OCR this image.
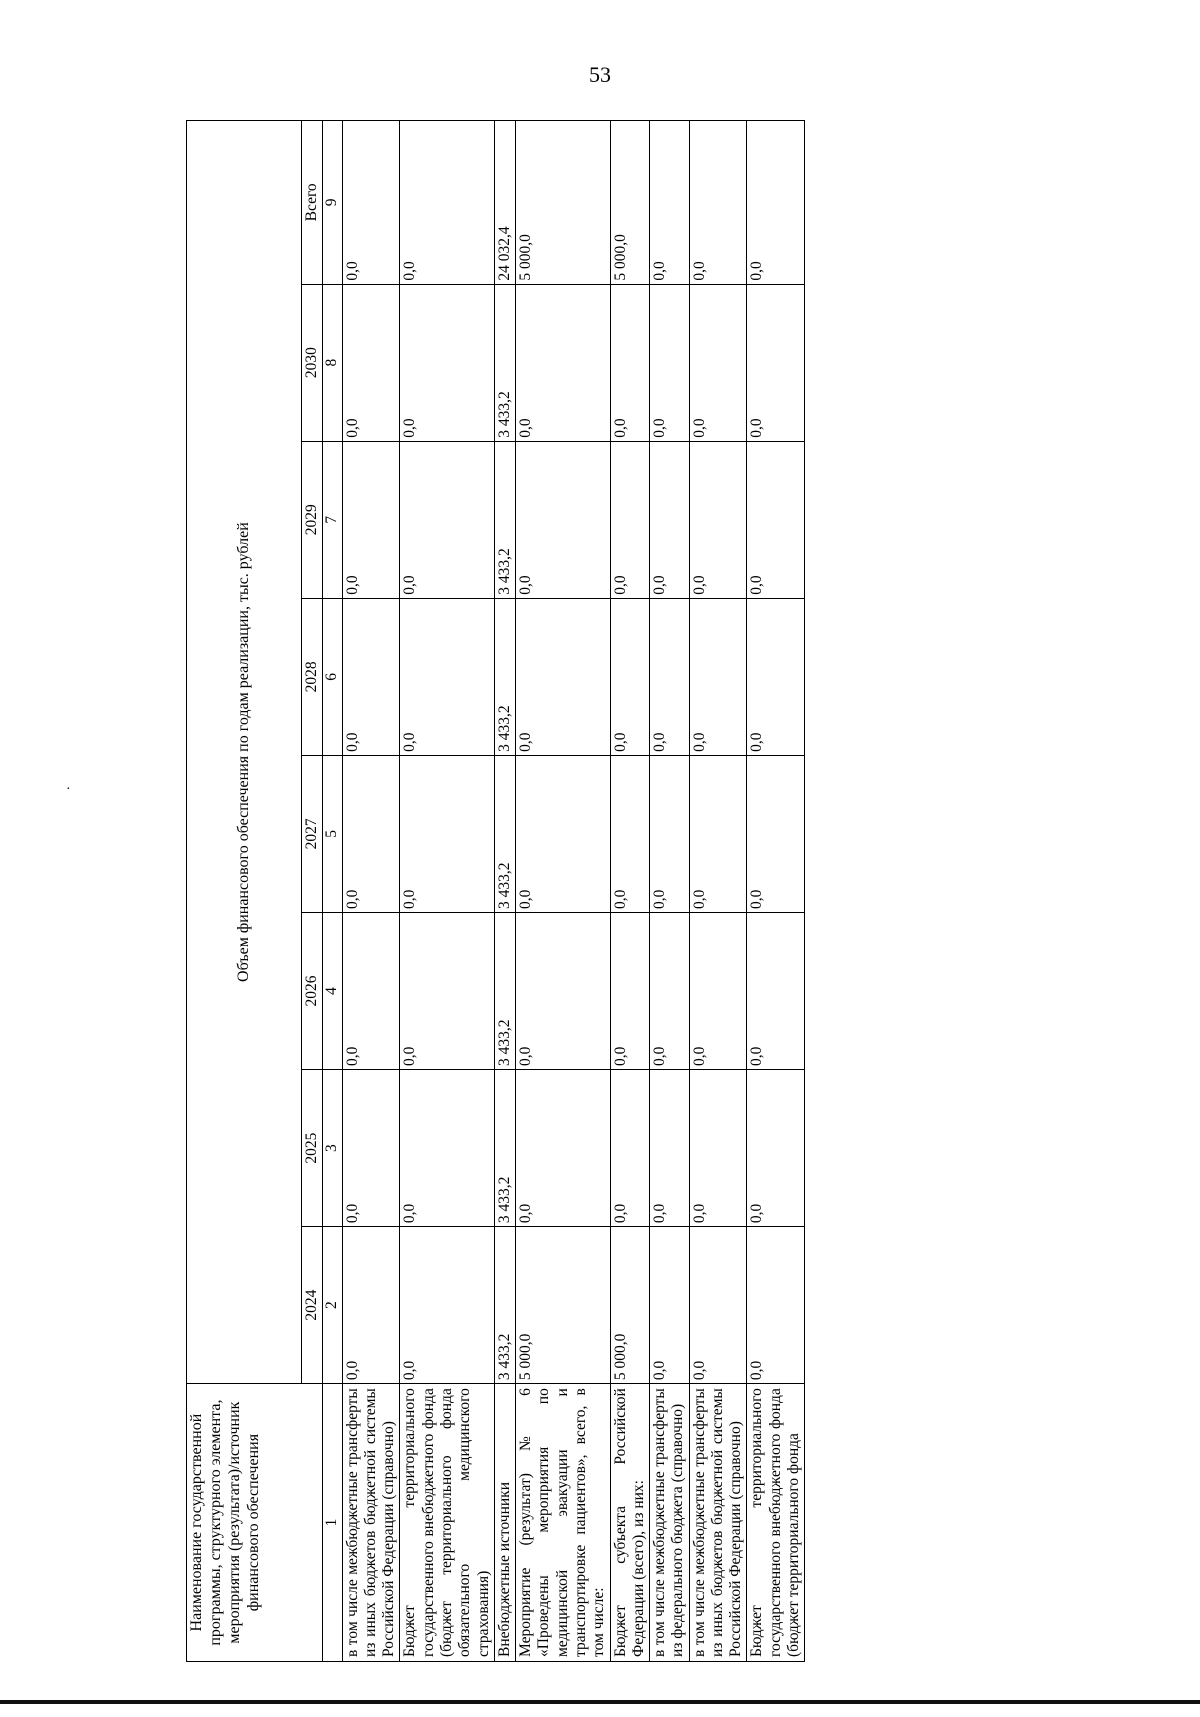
53
·
Наименование государственной программы, структурного элемента, мероприятия (результата)/источник финансового обеспечения	Объем финансового обеспечения по годам реализации, тыс. рублей							
	2024	2025	2026	2027	2028	2029	2030	Всего
1	2	3	4	5	6	7	8	9
в том числе межбюджетные трансферты из иных бюджетов бюджетной системы Российской Федерации (справочно)	0,0	0,0	0,0	0,0	0,0	0,0	0,0	0,0
Бюджет территориального государственного внебюджетного фонда (бюджет территориального фонда обязательного медицинского страхования)	0,0	0,0	0,0	0,0	0,0	0,0	0,0	0,0
Внебюджетные источники	3 433,2	3 433,2	3 433,2	3 433,2	3 433,2	3 433,2	3 433,2	24 032,4
Мероприятие (результат) № 6 «Проведены мероприятия по медицинской эвакуации и транспортировке пациентов», всего, в том числе:	5 000,0	0,0	0,0	0,0	0,0	0,0	0,0	5 000,0
Бюджет субъекта Российской Федерации (всего), из них:	5 000,0	0,0	0,0	0,0	0,0	0,0	0,0	5 000,0
в том числе межбюджетные трансферты из федерального бюджета (справочно)	0,0	0,0	0,0	0,0	0,0	0,0	0,0	0,0
в том числе межбюджетные трансферты из иных бюджетов бюджетной системы Российской Федерации (справочно)	0,0	0,0	0,0	0,0	0,0	0,0	0,0	0,0
Бюджет территориального государственного внебюджетного фонда (бюджет территориального фонда	0,0	0,0	0,0	0,0	0,0	0,0	0,0	0,0
